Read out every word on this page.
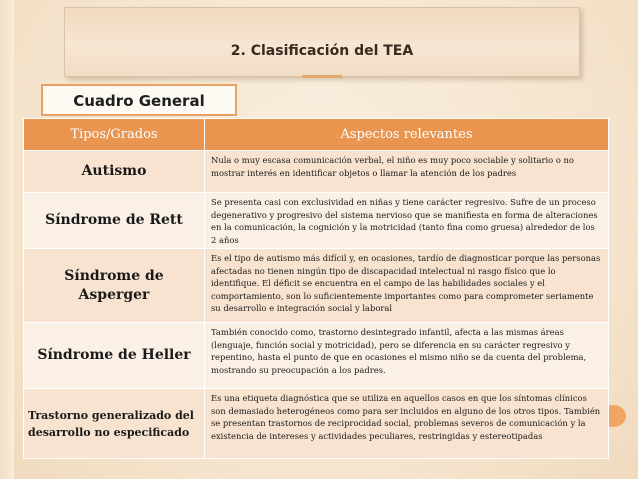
2. Clasificación del TEA
Cuadro General
Tipos/Grados	Aspectos relevantes
Autismo	Nula o muy escasa comunicación verbal, el niño es muy poco sociable y solitario o no mostrar interés en identificar objetos o llamar la atención de los padres
Síndrome de Rett	Se presenta casi con exclusividad en niñas y tiene carácter regresivo. Sufre de un proceso degenerativo y progresivo del sistema nervioso que se manifiesta en forma de alteraciones en la comunicación, la cognición y la motricidad (tanto fina como gruesa) alrededor de los 2 años
Síndrome de Asperger	Es el tipo de autismo más difícil y, en ocasiones, tardío de diagnosticar porque las personas afectadas no tienen ningún tipo de discapacidad intelectual ni rasgo físico que lo identifique. El déficit se encuentra en el campo de las habilidades sociales y el comportamiento, son lo suficientemente importantes como para comprometer seriamente su desarrollo e integración social y laboral
Síndrome de Heller	También conocido como, trastorno desintegrado infantil, afecta a las mismas áreas (lenguaje, función social y motricidad), pero se diferencia en su carácter regresivo y repentino, hasta el punto de que en ocasiones el mismo niño se da cuenta del problema, mostrando su preocupación a los padres.
Trastorno generalizado del desarrollo no especificado	Es una etiqueta diagnóstica que se utiliza en aquellos casos en que los síntomas clínicos son demasiado heterogéneos como para ser incluidos en alguno de los otros tipos. También se presentan trastornos de reciprocidad social, problemas severos de comunicación y la existencia de intereses y actividades peculiares, restringidas y estereotipadas
